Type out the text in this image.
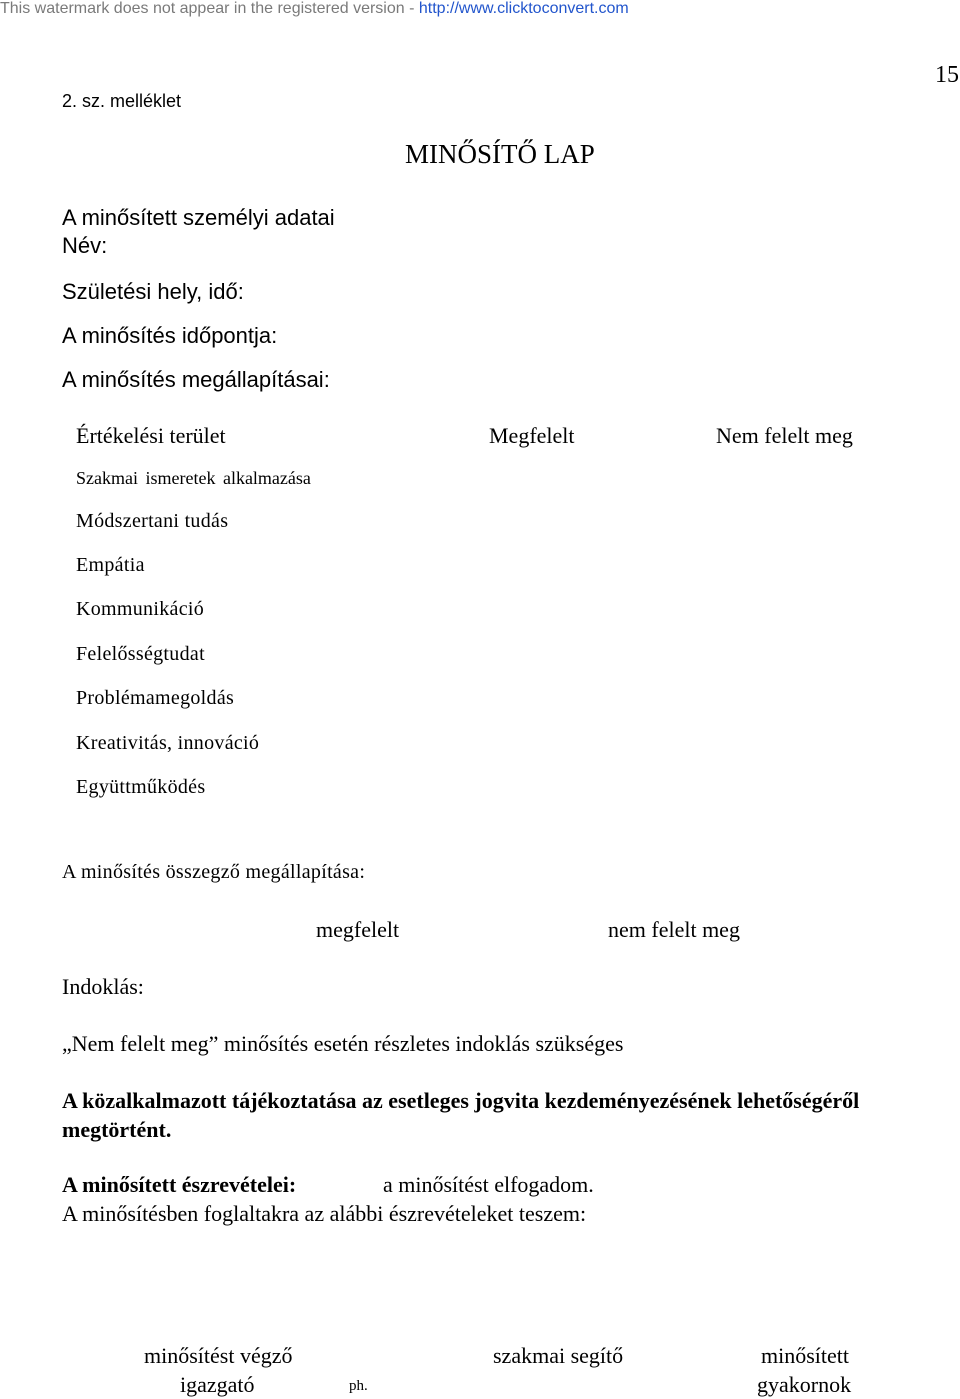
This watermark does not appear in the registered version - http://www.clicktoconvert.com
15
2. sz. melléklet
MINŐSÍTŐ LAP
A minősített személyi adatai
Név:
Születési hely, idő:
A minősítés időpontja:
A minősítés megállapításai:
Értékelési terület	Megfelelt	Nem felelt meg
Szakmai ismeretek alkalmazása
Módszertani tudás
Empátia
Kommunikáció
Felelősségtudat
Problémamegoldás
Kreativitás, innováció
Együttműködés
A minősítés összegző megállapítása:
megfelelt	nem felelt meg
Indoklás:
„Nem felelt meg” minősítés esetén részletes indoklás szükséges
A közalkalmazott tájékoztatása az esetleges jogvita kezdeményezésének lehetőségéről
megtörtént.
A minősített észrevételei:	a minősítést elfogadom.
A minősítésben foglaltakra az alábbi észrevételeket teszem:
minősítést végző
igazgató	ph.
szakmai segítő	minősített
gyakornok
